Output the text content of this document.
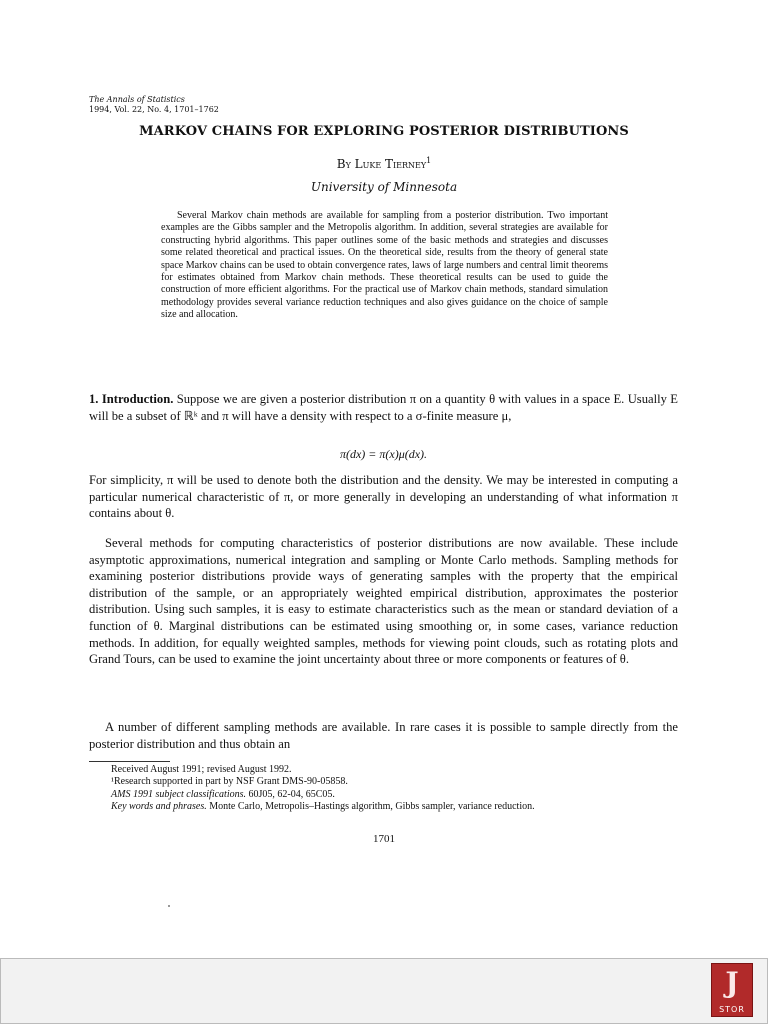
The Annals of Statistics
1994, Vol. 22, No. 4, 1701–1762
MARKOV CHAINS FOR EXPLORING POSTERIOR DISTRIBUTIONS
By Luke Tierney$^1$
University of Minnesota
Several Markov chain methods are available for sampling from a posterior distribution. Two important examples are the Gibbs sampler and the Metropolis algorithm. In addition, several strategies are available for constructing hybrid algorithms. This paper outlines some of the basic methods and strategies and discusses some related theoretical and practical issues. On the theoretical side, results from the theory of general state space Markov chains can be used to obtain convergence rates, laws of large numbers and central limit theorems for estimates obtained from Markov chain methods. These theoretical results can be used to guide the construction of more efficient algorithms. For the practical use of Markov chain methods, standard simulation methodology provides several variance reduction techniques and also gives guidance on the choice of sample size and allocation.
1. Introduction. Suppose we are given a posterior distribution π on a quantity θ with values in a space E. Usually E will be a subset of ℝᵏ and π will have a density with respect to a σ-finite measure μ,
π(dx) = π(x)μ(dx).
For simplicity, π will be used to denote both the distribution and the density. We may be interested in computing a particular numerical characteristic of π, or more generally in developing an understanding of what information π contains about θ.
Several methods for computing characteristics of posterior distributions are now available. These include asymptotic approximations, numerical integration and sampling or Monte Carlo methods. Sampling methods for examining posterior distributions provide ways of generating samples with the property that the empirical distribution of the sample, or an appropriately weighted empirical distribution, approximates the posterior distribution. Using such samples, it is easy to estimate characteristics such as the mean or standard deviation of a function of θ. Marginal distributions can be estimated using smoothing or, in some cases, variance reduction methods. In addition, for equally weighted samples, methods for viewing point clouds, such as rotating plots and Grand Tours, can be used to examine the joint uncertainty about three or more components or features of θ.
A number of different sampling methods are available. In rare cases it is possible to sample directly from the posterior distribution and thus obtain an
Received August 1991; revised August 1992.
¹Research supported in part by NSF Grant DMS-90-05858.
AMS 1991 subject classifications. 60J05, 62-04, 65C05.
Key words and phrases. Monte Carlo, Metropolis–Hastings algorithm, Gibbs sampler, variance reduction.
1701
J
STOR
